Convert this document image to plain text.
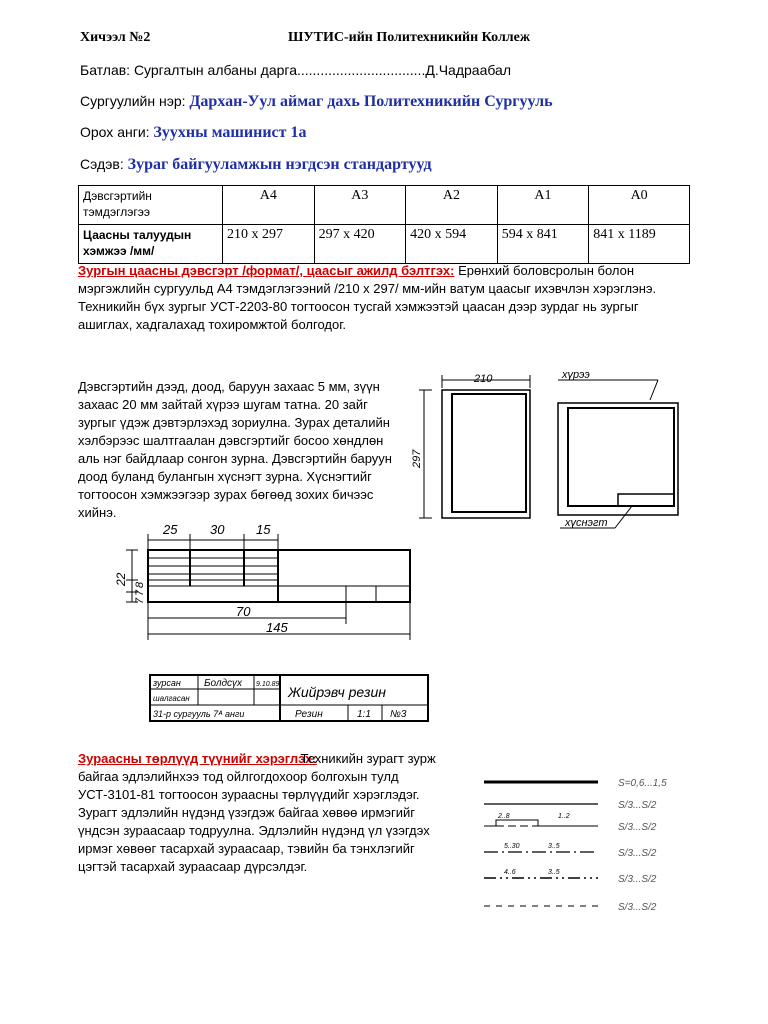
Хичээл №2	ШУТИС-ийн Политехникийн Коллеж
Батлав: Сургалтын албаны дарга.................................Д.Чадраабал
Сургуулийн нэр: Дархан-Уул аймаг дахь Политехникийн Сургууль
Орох анги: Зуухны машинист 1а
Сэдэв: Зураг байгууламжын нэгдсэн стандартууд
Дэвсгэртийн тэмдэглэгээ	A4	A3	A2	A1	A0
Цаасны талуудын хэмжээ /мм/	210 x 297	297 x 420	420 x 594	594 x 841	841 x 1189
Зургын цаасны дэвсгэрт /формат/, цаасыг ажилд бэлтгэх: Ерөнхий боловсролын болон мэргэжлийн сургуульд А4 тэмдэглэгээний /210 x 297/ мм-ийн ватум цаасыг ихэвчлэн хэрэглэнэ. Техникийн бүх зургыг УСТ-2203-80 тогтоосон тусгай хэмжээтэй цаасан дээр зурдаг нь зургыг ашиглах, хадгалахад тохиромжтой болгодог.
Дэвсгэртийн дээд, доод, баруун захаас 5 мм, зүүн захаас 20 мм зайтай хүрээ шугам татна. 20 зайг зургыг үдэж дэвтэрлэхэд зориулна. Зурах деталийн хэлбэрээс шалтгаалан дэвсгэртийг босоо хөндлөн аль нэг байдлаар сонгон зурна. Дэвсгэртийн баруун доод буланд булангын хүснэгт зурна. Хүснэгтийг тогтоосон хэмжээгээр зурах бөгөөд зохих бичээс хийнэ.
210
297
хүрээ
хүснэгт
25	30 15
22 8
7
7
70
145
зурсан Болдсүх 9.10.89
шалгасан
31-р сургууль 7ᴬ анги
Жийрэвч резин
Резин	1:1 №3
Зураасны төрлүүд түүнийг хэрэглэх:
Техникийн зурагт зурж байгаа эдлэлийнхээ тод ойлгогдохоор болгохын тулд УСТ-3101-81 тогтоосон зураасны төрлүүдийг хэрэглэдэг. Зурагт эдлэлийн нүдэнд үзэгдэж байгаа хөвөө ирмэгийг үндсэн зураасаар тодруулна. Эдлэлийн нүдэнд үл үзэгдэх ирмэг хөвөөг тасархай зураасаар, тэвийн ба тэнхлэгийг цэгтэй тасархай зураасаар дүрсэлдэг.
2..8	1..2
5..30	3..5
4..6	3..5
S=0,6...1,5
S/3...S/2
S/3...S/2
S/3...S/2
S/3...S/2
S/3...S/2
